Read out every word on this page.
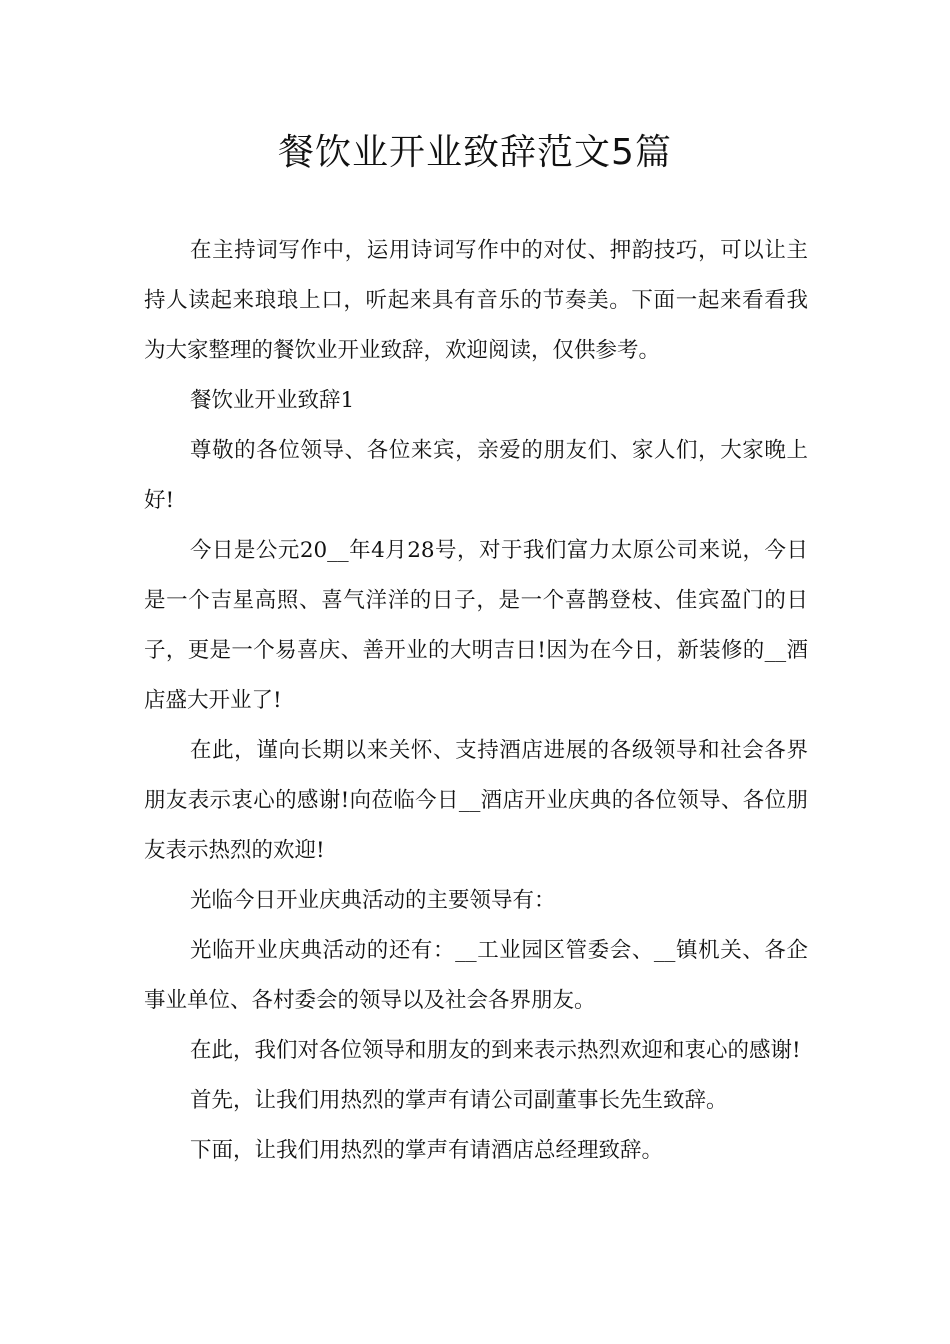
餐饮业开业致辞范文5篇

在主持词写作中，运用诗词写作中的对仗、押韵技巧，可以让主持人读起来琅琅上口，听起来具有音乐的节奏美。下面一起来看看我为大家整理的餐饮业开业致辞，欢迎阅读，仅供参考。

餐饮业开业致辞1

尊敬的各位领导、各位来宾，亲爱的朋友们、家人们，大家晚上好!

今日是公元20__年4月28号，对于我们富力太原公司来说，今日是一个吉星高照、喜气洋洋的日子，是一个喜鹊登枝、佳宾盈门的日子，更是一个易喜庆、善开业的大明吉日!因为在今日，新装修的__酒店盛大开业了!

在此，谨向长期以来关怀、支持酒店进展的各级领导和社会各界朋友表示衷心的感谢!向莅临今日__酒店开业庆典的各位领导、各位朋友表示热烈的欢迎!

光临今日开业庆典活动的主要领导有：

光临开业庆典活动的还有：__工业园区管委会、__镇机关、各企事业单位、各村委会的领导以及社会各界朋友。

在此，我们对各位领导和朋友的到来表示热烈欢迎和衷心的感谢!

首先，让我们用热烈的掌声有请公司副董事长先生致辞。

下面，让我们用热烈的掌声有请酒店总经理致辞。
